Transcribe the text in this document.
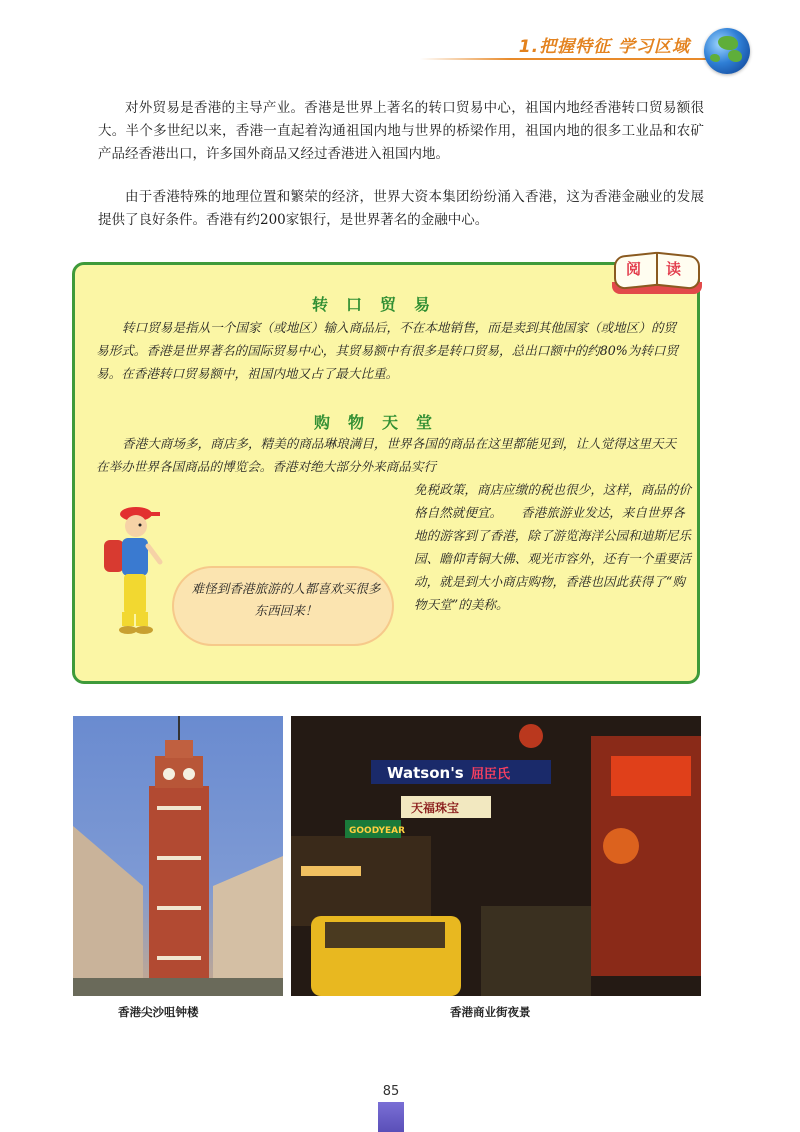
1.把握特征 学习区域

对外贸易是香港的主导产业。香港是世界上著名的转口贸易中心，祖国内地经香港转口贸易额很大。半个多世纪以来，香港一直起着沟通祖国内地与世界的桥梁作用，祖国内地的很多工业品和农矿产品经香港出口，许多国外商品又经过香港进入祖国内地。

由于香港特殊的地理位置和繁荣的经济，世界大资本集团纷纷涌入香港，这为香港金融业的发展提供了良好条件。香港有约200家银行，是世界著名的金融中心。

阅 读
转口贸易

转口贸易是指从一个国家（或地区）输入商品后，不在本地销售，而是卖到其他国家（或地区）的贸易形式。香港是世界著名的国际贸易中心，其贸易额中有很多是转口贸易，总出口额中的约80%为转口贸易。在香港转口贸易额中，祖国内地又占了最大比重。

购物天堂

香港大商场多，商店多，精美的商品琳琅满目，世界各国的商品在这里都能见到，让人觉得这里天天在举办世界各国商品的博览会。香港对绝大部分外来商品实行

免税政策，商店应缴的税也很少，这样，商品的价格自然就便宜。　　香港旅游业发达，来自世界各地的游客到了香港，除了游览海洋公园和迪斯尼乐园、瞻仰青铜大佛、观光市容外，还有一个重要活动，就是到大小商店购物，香港也因此获得了“购物天堂”的美称。

难怪到香港旅游的人都喜欢买很多东西回来！

Watson's 屈臣氏
天福珠宝
GOODYEAR
香港尖沙咀钟楼	香港商业街夜景
85
